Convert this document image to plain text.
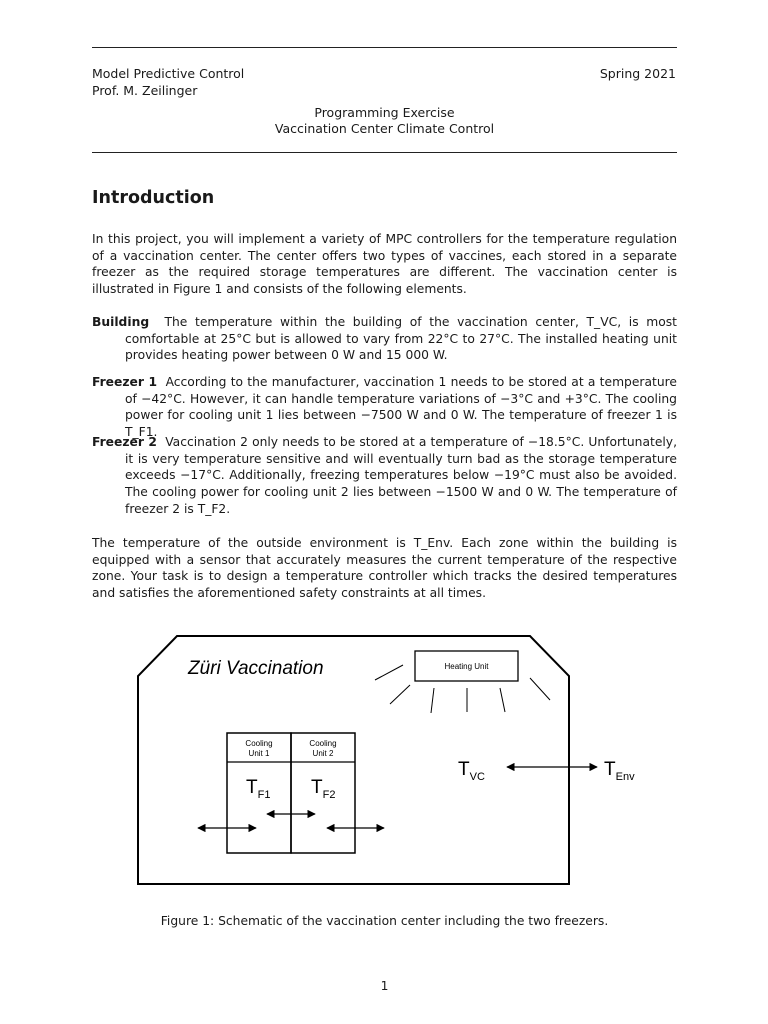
Model Predictive Control
Prof. M. Zeilinger
Spring 2021
Programming Exercise
Vaccination Center Climate Control
Introduction

In this project, you will implement a variety of MPC controllers for the temperature regulation of a vaccination center. The center offers two types of vaccines, each stored in a separate freezer as the required storage temperatures are different. The vaccination center is illustrated in Figure 1 and consists of the following elements.

Building The temperature within the building of the vaccination center, T_VC, is most comfortable at 25°C but is allowed to vary from 22°C to 27°C. The installed heating unit provides heating power between 0 W and 15 000 W.

Freezer 1 According to the manufacturer, vaccination 1 needs to be stored at a temperature of −42°C. However, it can handle temperature variations of −3°C and +3°C. The cooling power for cooling unit 1 lies between −7500 W and 0 W. The temperature of freezer 1 is T_F1.

Freezer 2 Vaccination 2 only needs to be stored at a temperature of −18.5°C. Unfortunately, it is very temperature sensitive and will eventually turn bad as the storage temperature exceeds −17°C. Additionally, freezing temperatures below −19°C must also be avoided. The cooling power for cooling unit 2 lies between −1500 W and 0 W. The temperature of freezer 2 is T_F2.

The temperature of the outside environment is T_Env. Each zone within the building is equipped with a sensor that accurately measures the current temperature of the respective zone. Your task is to design a temperature controller which tracks the desired temperatures and satisfies the aforementioned safety constraints at all times.

Züri Vaccination	Heating Unit
Cooling
Unit 1
Cooling
Unit 2
$T_{F1}$ $T_{F2}$
$T_{VC}$	$T_{Env}$
Figure 1: Schematic of the vaccination center including the two freezers.
1
